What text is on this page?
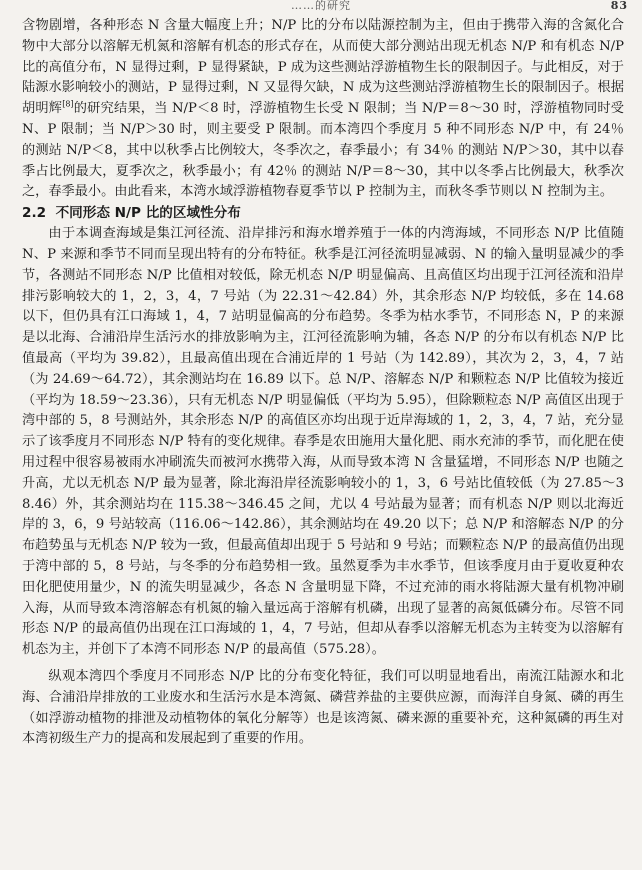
……的研究	83

含物剧增，各种形态 N 含量大幅度上升；N/P 比的分布以陆源控制为主，但由于携带入海的含氮化合物中大部分以溶解无机氮和溶解有机态的形式存在，从而使大部分测站出现无机态 N/P 和有机态 N/P 比的高值分布，N 显得过剩，P 显得紧缺，P 成为这些测站浮游植物生长的限制因子。与此相反，对于陆源水影响较小的测站，P 显得过剩，N 又显得欠缺，N 成为这些测站浮游植物生长的限制因子。根据胡明辉[8]的研究结果，当 N/P＜8 时，浮游植物生长受 N 限制；当 N/P＝8～30 时，浮游植物同时受 N、P 限制；当 N/P＞30 时，则主要受 P 限制。而本湾四个季度月 5 种不同形态 N/P 中，有 24％ 的测站 N/P＜8，其中以秋季占比例较大，冬季次之，春季最小；有 34％ 的测站 N/P＞30，其中以春季占比例最大，夏季次之，秋季最小；有 42％ 的测站 N/P＝8～30，其中以冬季占比例最大，秋季次之，春季最小。由此看来，本湾水域浮游植物春夏季节以 P 控制为主，而秋冬季节则以 N 控制为主。

2.2 不同形态 N/P 比的区域性分布

由于本调查海域是集江河径流、沿岸排污和海水增养殖于一体的内湾海域，不同形态 N/P 比值随 N、P 来源和季节不同而呈现出特有的分布特征。秋季是江河径流明显减弱、N 的输入量明显减少的季节，各测站不同形态 N/P 比值相对较低，除无机态 N/P 明显偏高、且高值区均出现于江河径流和沿岸排污影响较大的 1，2，3，4，7 号站（为 22.31～42.84）外，其余形态 N/P 均较低，多在 14.68 以下，但仍具有江口海域 1，4，7 站明显偏高的分布趋势。冬季为枯水季节，不同形态 N，P 的来源是以北海、合浦沿岸生活污水的排放影响为主，江河径流影响为辅，各态 N/P 的分布以有机态 N/P 比值最高（平均为 39.82），且最高值出现在合浦近岸的 1 号站（为 142.89），其次为 2，3，4，7 站（为 24.69～64.72），其余测站均在 16.89 以下。总 N/P、溶解态 N/P 和颗粒态 N/P 比值较为接近（平均为 18.59～23.36），只有无机态 N/P 明显偏低（平均为 5.95），但除颗粒态 N/P 高值区出现于湾中部的 5，8 号测站外，其余形态 N/P 的高值区亦均出现于近岸海域的 1，2，3，4，7 站，充分显示了该季度月不同形态 N/P 特有的变化规律。春季是农田施用大量化肥、雨水充沛的季节，而化肥在使用过程中很容易被雨水冲刷流失而被河水携带入海，从而导致本湾 N 含量猛增，不同形态 N/P 也随之升高，尤以无机态 N/P 最为显著，除北海沿岸径流影响较小的 1，3，6 号站比值较低（为 27.85～38.46）外，其余测站均在 115.38～346.45 之间，尤以 4 号站最为显著；而有机态 N/P 则以北海近岸的 3，6，9 号站较高（116.06～142.86），其余测站均在 49.20 以下；总 N/P 和溶解态 N/P 的分布趋势虽与无机态 N/P 较为一致，但最高值却出现于 5 号站和 9 号站；而颗粒态 N/P 的最高值仍出现于湾中部的 5，8 号站，与冬季的分布趋势相一致。虽然夏季为丰水季节，但该季度月由于夏收夏种农田化肥使用量少，N 的流失明显减少，各态 N 含量明显下降，不过充沛的雨水将陆源大量有机物冲刷入海，从而导致本湾溶解态有机氮的输入量远高于溶解有机磷，出现了显著的高氮低磷分布。尽管不同形态 N/P 的最高值仍出现在江口海域的 1，4，7 号站，但却从春季以溶解无机态为主转变为以溶解有机态为主，并创下了本湾不同形态 N/P 的最高值（575.28）。

纵观本湾四个季度月不同形态 N/P 比的分布变化特征，我们可以明显地看出，南流江陆源水和北海、合浦沿岸排放的工业废水和生活污水是本湾氮、磷营养盐的主要供应源，而海洋自身氮、磷的再生（如浮游动植物的排泄及动植物体的氧化分解等）也是该湾氮、磷来源的重要补充，这种氮磷的再生对本湾初级生产力的提高和发展起到了重要的作用。
